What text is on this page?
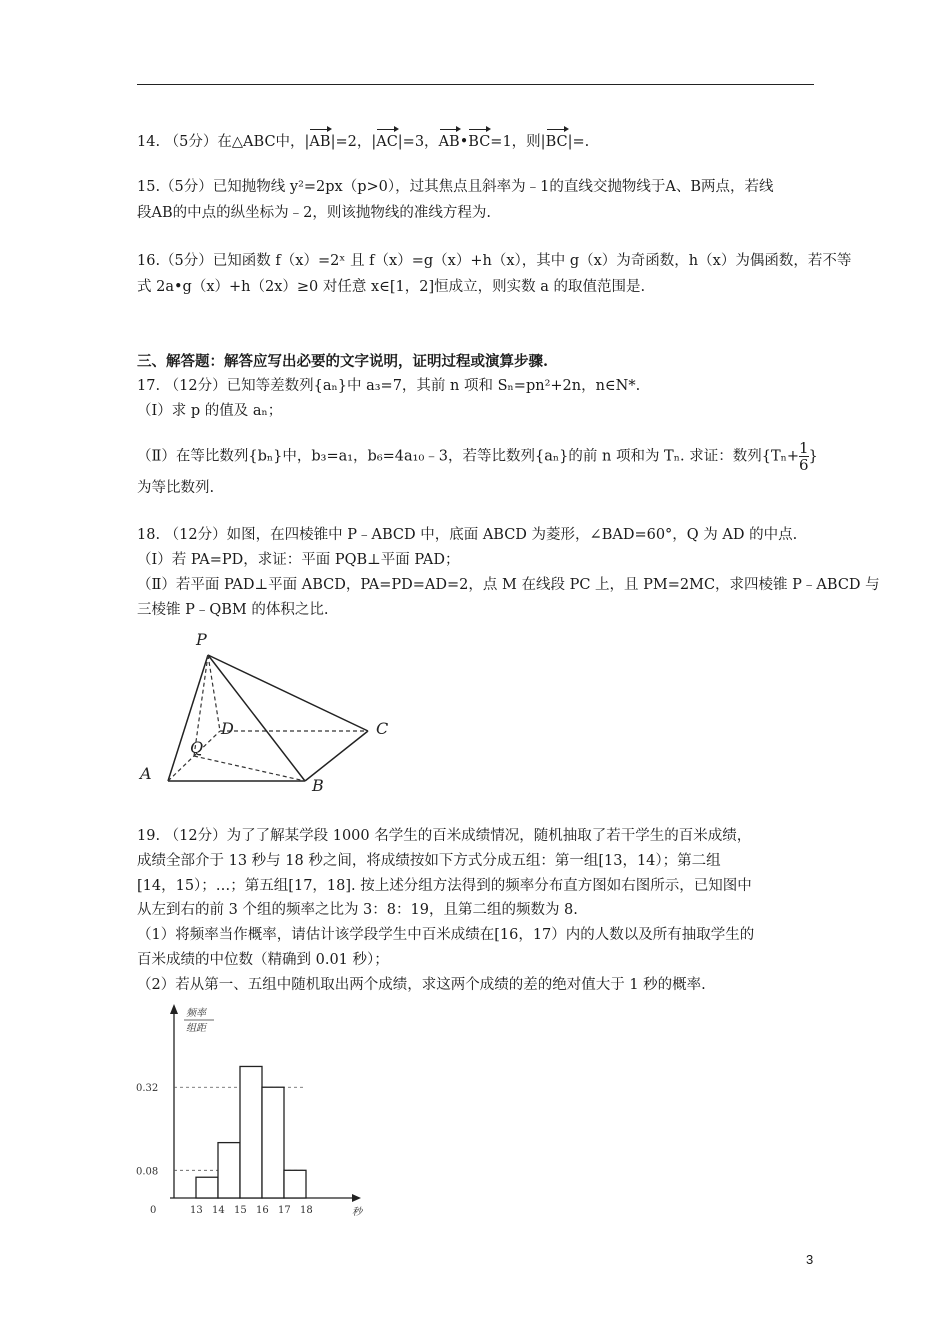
14. （5分）在△ABC中，|AB|=2，|AC|=3，AB•BC=1，则|BC|=.
15.（5分）已知抛物线 y²=2px（p>0），过其焦点且斜率为﹣1的直线交抛物线于A、B两点，若线
段AB的中点的纵坐标为﹣2，则该抛物线的准线方程为.
16.（5分）已知函数 f（x）=2ˣ 且 f（x）=g（x）+h（x），其中 g（x）为奇函数，h（x）为偶函数，若不等
式 2a•g（x）+h（2x）≥0 对任意 x∈[1，2]恒成立，则实数 a 的取值范围是.
三、解答题：解答应写出必要的文字说明，证明过程或演算步骤.
17. （12分）已知等差数列{aₙ}中 a₃=7，其前 n 项和 Sₙ=pn²+2n，n∈N*.
（Ⅰ）求 p 的值及 aₙ；
（Ⅱ）在等比数列{bₙ}中，b₃=a₁，b₆=4a₁₀﹣3，若等比数列{aₙ}的前 n 项和为 Tₙ. 求证：数列{$T_n+ \frac{1}{6}$ }
为等比数列.
18. （12分）如图，在四棱锥中 P﹣ABCD 中，底面 ABCD 为菱形，∠BAD=60°，Q 为 AD 的中点.
（I）若 PA=PD，求证：平面 PQB⊥平面 PAD；
（Ⅱ）若平面 PAD⊥平面 ABCD，PA=PD=AD=2，点 M 在线段 PC 上，且 PM=2MC，求四棱锥 P﹣ABCD 与
三棱锥 P﹣QBM 的体积之比.
P
D	C
Q
A
B
19. （12分）为了了解某学段 1000 名学生的百米成绩情况，随机抽取了若干学生的百米成绩，
成绩全部介于 13 秒与 18 秒之间，将成绩按如下方式分成五组：第一组[13，14）；第二组
[14，15）；…；第五组[17，18]. 按上述分组方法得到的频率分布直方图如右图所示，已知图中
从左到右的前 3 个组的频率之比为 3：8：19，且第二组的频数为 8.
（1）将频率当作概率，请估计该学段学生中百米成绩在[16，17）内的人数以及所有抽取学生的
百米成绩的中位数（精确到 0.01 秒）；
（2）若从第一、五组中随机取出两个成绩，求这两个成绩的差的绝对值大于 1 秒的概率.
频率
组距
秒
0.32
0.08
0	13 14 15 16 17 18
3
